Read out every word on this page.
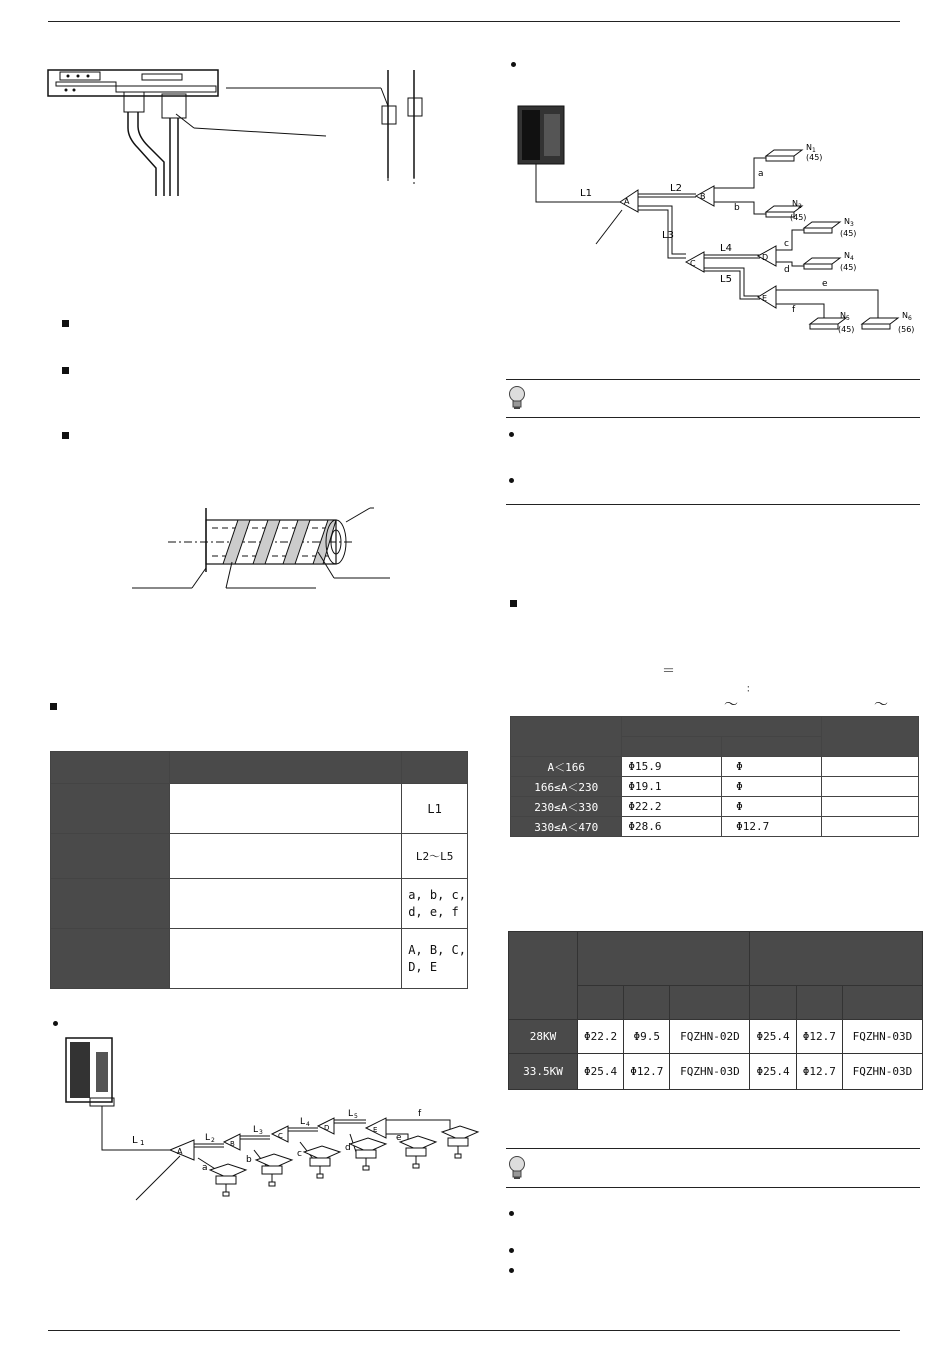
		L1
		L2～L5
		a, b, c,
d, e, f
		A, B, C,
D, E
L 1
A
L 2 B
L 3 C
L 4 D
L 5
E
f
e
d
c
b
a
L1
A
L2
B
a
b
L3
C
L4
D
c
d
L5
E
e
f
N 1
(45)
N 2
(45)	N 3
(45)
N 4
(45)
N 5
(45)
N 6
(56)
＝
：
～	～

A＜166	Φ15.9	Φ	
166≤A＜230	Φ19.1	Φ	
230≤A＜330	Φ22.2	Φ	
330≤A＜470	Φ28.6	Φ12.7	

28KW	Φ22.2	Φ9.5	FQZHN-02D	Φ25.4	Φ12.7	FQZHN-03D
33.5KW	Φ25.4	Φ12.7	FQZHN-03D	Φ25.4	Φ12.7	FQZHN-03D
